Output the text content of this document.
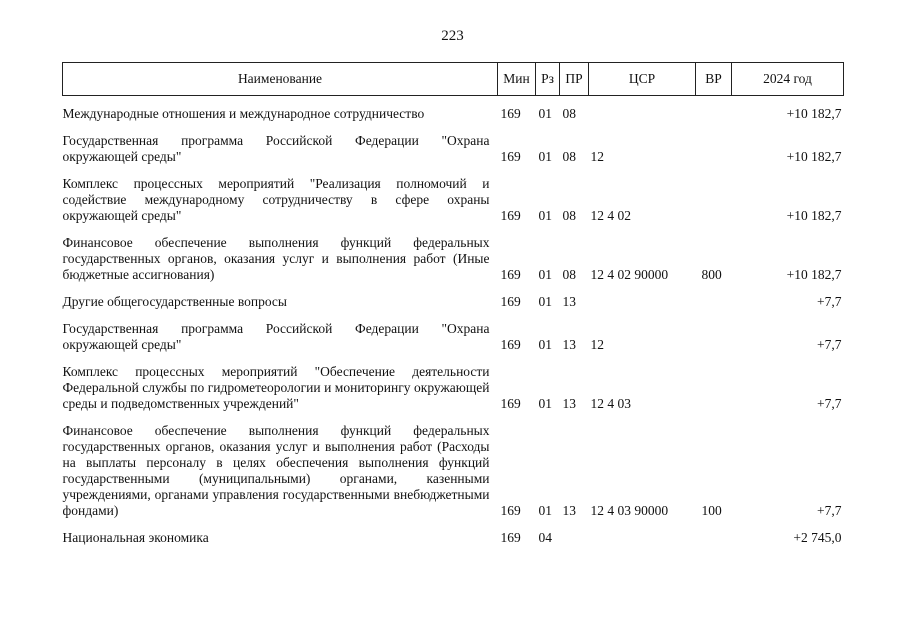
223
Наименование	Мин	Рз	ПР	ЦСР	ВР	2024 год
Международные отношения и международное сотрудничество	169	01	08			+10 182,7
Государственная программа Российской Федерации "Охрана окружающей среды"	169	01	08	12		+10 182,7
Комплекс процессных мероприятий "Реализация полномочий и содействие международному сотрудничеству в сфере охраны окружающей среды"	169	01	08	12 4 02		+10 182,7
Финансовое обеспечение выполнения функций федеральных государственных органов, оказания услуг и выполнения работ (Иные бюджетные ассигнования)	169	01	08	12 4 02 90000	800	+10 182,7
Другие общегосударственные вопросы	169	01	13			+7,7
Государственная программа Российской Федерации "Охрана окружающей среды"	169	01	13	12		+7,7
Комплекс процессных мероприятий "Обеспечение деятельности Федеральной службы по гидрометеорологии и мониторингу окружающей среды и подведомственных учреждений"	169	01	13	12 4 03		+7,7
Финансовое обеспечение выполнения функций федеральных государственных органов, оказания услуг и выполнения работ (Расходы на выплаты персоналу в целях обеспечения выполнения функций государственными (муниципальными) органами, казенными учреждениями, органами управления государственными внебюджетными фондами)	169	01	13	12 4 03 90000	100	+7,7
Национальная экономика	169	04				+2 745,0
